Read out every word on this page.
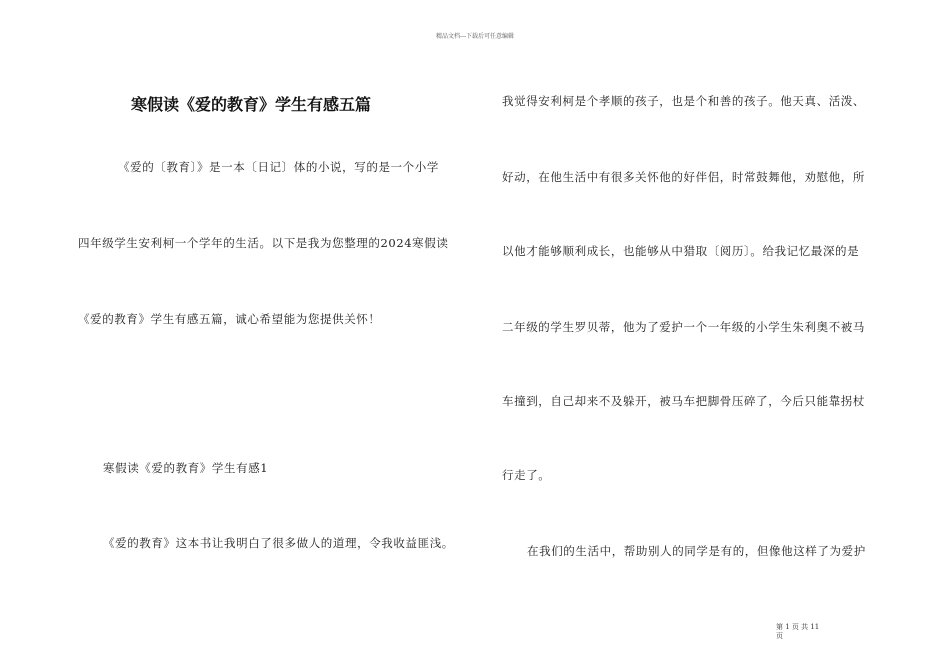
精品文档---下载后可任意编辑
寒假读《爱的教育》学生有感五篇
《爱的〔教育〕》是一本〔日记〕体的小说，写的是一个小学
四年级学生安利柯一个学年的生活。以下是我为您整理的2024寒假读
《爱的教育》学生有感五篇，诚心希望能为您提供关怀！
寒假读《爱的教育》学生有感1
《爱的教育》这本书让我明白了很多做人的道理，令我收益匪浅。
我觉得安利柯是个孝顺的孩子，也是个和善的孩子。他天真、活泼、
好动，在他生活中有很多关怀他的好伴侣，时常鼓舞他，劝慰他，所
以他才能够顺利成长，也能够从中猎取〔阅历〕。给我记忆最深的是
二年级的学生罗贝蒂，他为了爱护一个一年级的小学生朱利奥不被马
车撞到，自己却来不及躲开，被马车把脚骨压碎了，今后只能靠拐杖
行走了。
在我们的生活中，帮助别人的同学是有的，但像他这样了为爱护
第 1 页 共 11
页
